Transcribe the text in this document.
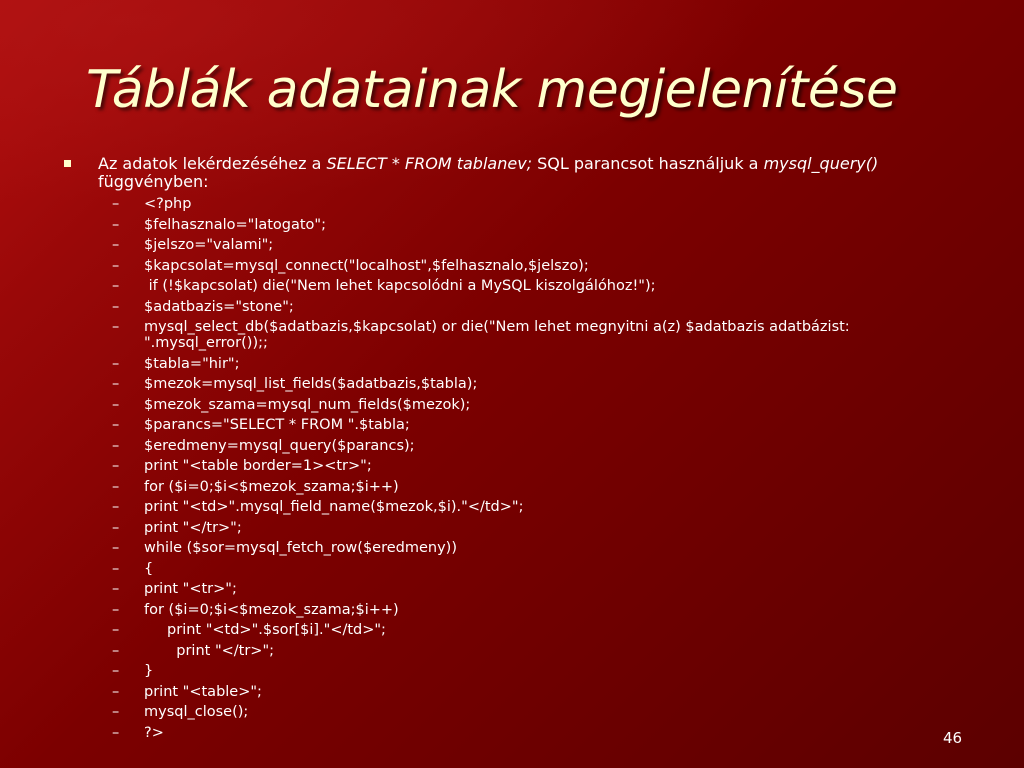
Táblák adatainak megjelenítése
Az adatok lekérdezéséhez a SELECT * FROM tablanev; SQL parancsot használjuk a mysql_query() függvényben:
– <?php
– $felhasznalo="latogato";
– $jelszo="valami";
– $kapcsolat=mysql_connect("localhost",$felhasznalo,$jelszo);
– if (!$kapcsolat) die("Nem lehet kapcsolódni a MySQL kiszolgálóhoz!");
– $adatbazis="stone";
– mysql_select_db($adatbazis,$kapcsolat) or die("Nem lehet megnyitni a(z) $adatbazis adatbázist: ".mysql_error());;
– $tabla="hir";
– $mezok=mysql_list_fields($adatbazis,$tabla);
– $mezok_szama=mysql_num_fields($mezok);
– $parancs="SELECT * FROM ".$tabla;
– $eredmeny=mysql_query($parancs);
– print "<table border=1><tr>";
– for ($i=0;$i<$mezok_szama;$i++)
– print "<td>".mysql_field_name($mezok,$i)."</td>";
– print "</tr>";
– while ($sor=mysql_fetch_row($eredmeny))
– {
– print "<tr>";
– for ($i=0;$i<$mezok_szama;$i++)
– print "<td>".$sor[$i]."</td>";
– print "</tr>";
– }
– print "<table>";
– mysql_close();
– ?>	46
